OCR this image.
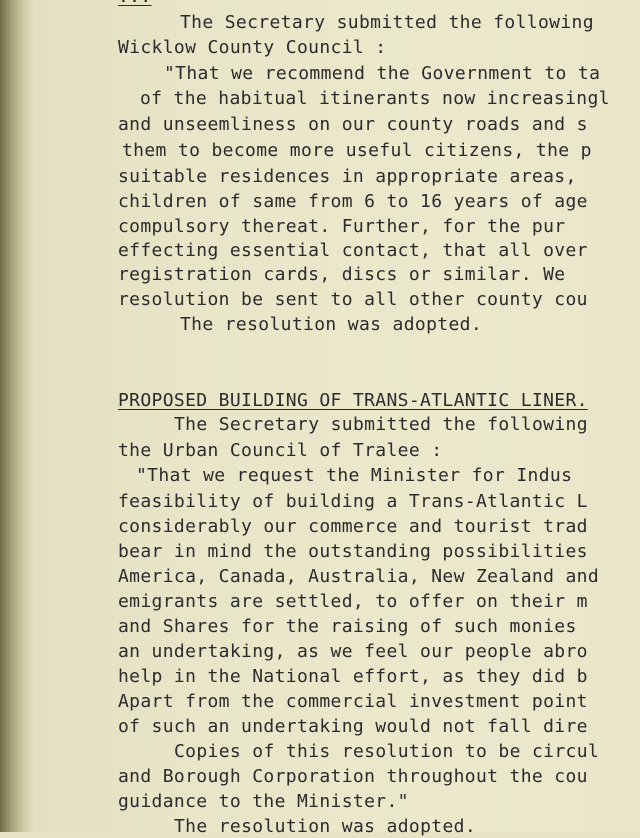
The Secretary submitted the following
Wicklow County Council :
"That we recommend the Government to ta
of the habitual itinerants now increasingl
and unseemliness on our county roads and s
them to become more useful citizens, the p
suitable residences in appropriate areas,
children of same from 6 to 16 years of age
compulsory thereat. Further, for the pur
effecting essential contact, that all over
registration cards, discs or similar. We
resolution be sent to all other county cou
The resolution was adopted.
PROPOSED BUILDING OF TRANS-ATLANTIC LINER.
The Secretary submitted the following
the Urban Council of Tralee :
"That we request the Minister for Indus
feasibility of building a Trans-Atlantic L
considerably our commerce and tourist trad
bear in mind the outstanding possibilities
America, Canada, Australia, New Zealand and
emigrants are settled, to offer on their m
and Shares for the raising of such monies
an undertaking, as we feel our people abro
help in the National effort, as they did b
Apart from the commercial investment point
of such an undertaking would not fall dire
Copies of this resolution to be circul
and Borough Corporation throughout the cou
guidance to the Minister."
The resolution was adopted.
